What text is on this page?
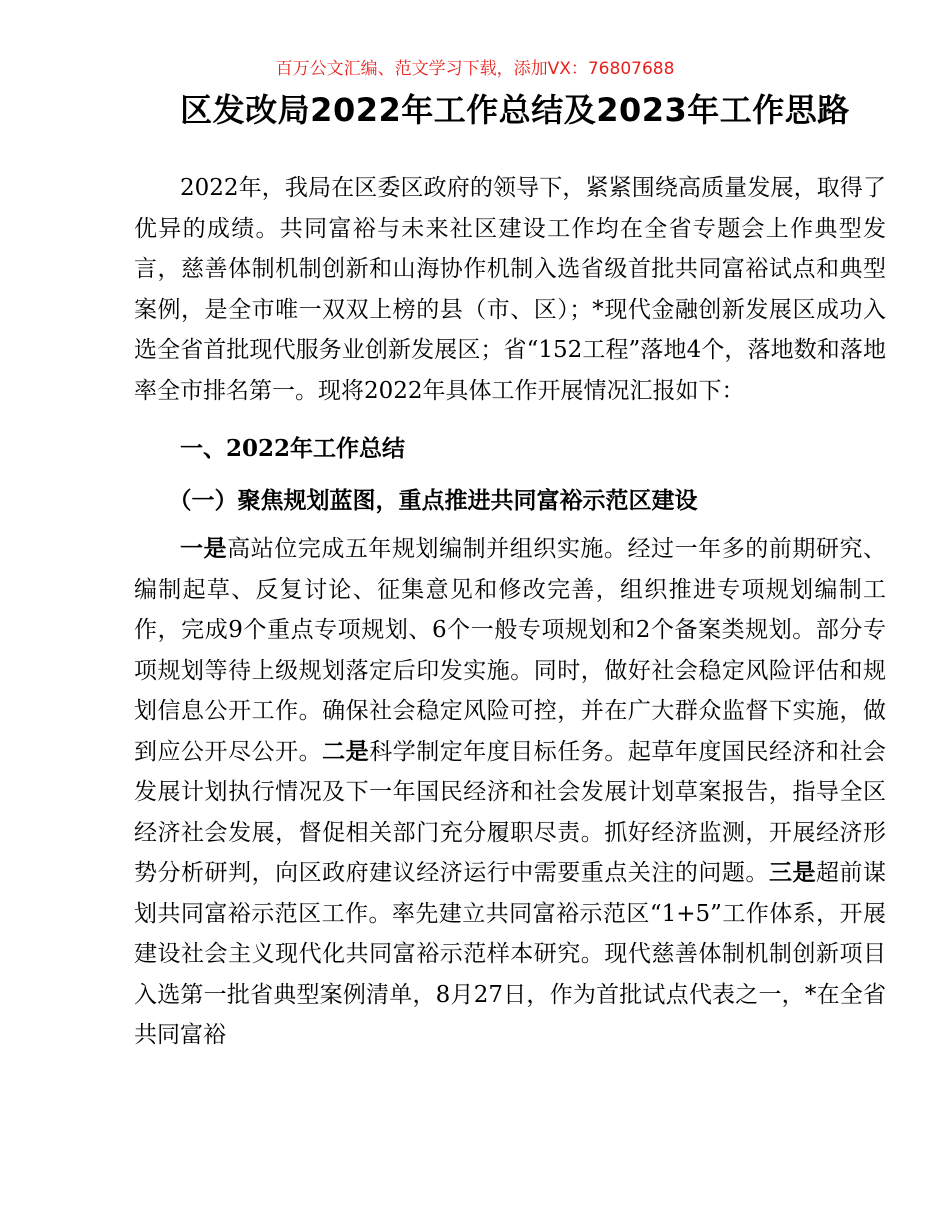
百万公文汇编、范文学习下载，添加VX：76807688
区发改局2022年工作总结及2023年工作思路

2022年，我局在区委区政府的领导下，紧紧围绕高质量发展，取得了优异的成绩。共同富裕与未来社区建设工作均在全省专题会上作典型发言，慈善体制机制创新和山海协作机制入选省级首批共同富裕试点和典型案例，是全市唯一双双上榜的县（市、区）；*现代金融创新发展区成功入选全省首批现代服务业创新发展区；省“152工程”落地4个，落地数和落地率全市排名第一。现将2022年具体工作开展情况汇报如下：

一、2022年工作总结

（一）聚焦规划蓝图，重点推进共同富裕示范区建设

一是高站位完成五年规划编制并组织实施。经过一年多的前期研究、编制起草、反复讨论、征集意见和修改完善，组织推进专项规划编制工作，完成9个重点专项规划、6个一般专项规划和2个备案类规划。部分专项规划等待上级规划落定后印发实施。同时，做好社会稳定风险评估和规划信息公开工作。确保社会稳定风险可控，并在广大群众监督下实施，做到应公开尽公开。二是科学制定年度目标任务。起草年度国民经济和社会发展计划执行情况及下一年国民经济和社会发展计划草案报告，指导全区经济社会发展，督促相关部门充分履职尽责。抓好经济监测，开展经济形势分析研判，向区政府建议经济运行中需要重点关注的问题。三是超前谋划共同富裕示范区工作。率先建立共同富裕示范区“1+5”工作体系，开展建设社会主义现代化共同富裕示范样本研究。现代慈善体制机制创新项目入选第一批省典型案例清单，8月27日，作为首批试点代表之一，*在全省共同富裕
